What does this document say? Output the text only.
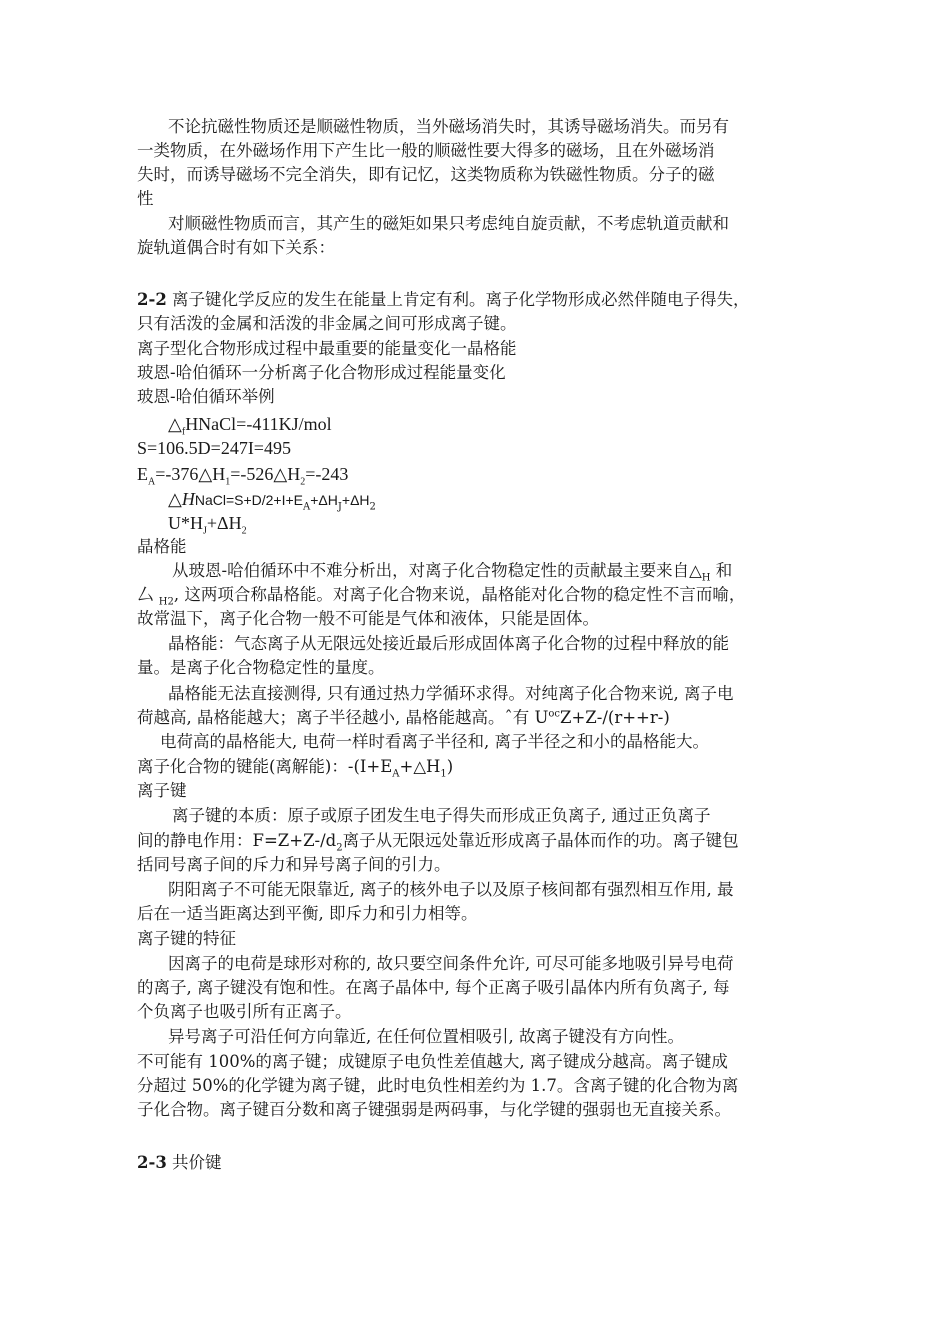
不论抗磁性物质还是顺磁性物质，当外磁场消失时，其诱导磁场消失。而另有

一类物质，在外磁场作用下产生比一般的顺磁性要大得多的磁场，且在外磁场消

失时，而诱导磁场不完全消失，即有记忆，这类物质称为铁磁性物质。分子的磁

性

对顺磁性物质而言，其产生的磁矩如果只考虑纯自旋贡献，不考虑轨道贡献和

旋轨道偶合时有如下关系：

2-2 离子键化学反应的发生在能量上肯定有利。离子化学物形成必然伴随电子得失，

只有活泼的金属和活泼的非金属之间可形成离子键。

离子型化合物形成过程中最重要的能量变化一晶格能

玻恩-哈伯循环一分析离子化合物形成过程能量变化

玻恩-哈伯循环举例

$\triangle_fHNaCl=-411KJ$/mol

S=106.5D=247I=495

$E_A=-376\triangle H_1=-526\triangle H_2=-243$

$\triangle HNaCl=S+D/2+I+E_A+\Delta H_J+\Delta H_2$

$U*H_J+\Delta H_2$

晶格能

从玻恩-哈伯循环中不难分析出，对离子化合物稳定性的贡献最主要来自$\triangle_H$ 和

厶 $_{H2}$, 这两项合称晶格能。对离子化合物来说，晶格能对化合物的稳定性不言而喻，

故常温下，离子化合物一般不可能是气体和液体，只能是固体。

晶格能：气态离子从无限远处接近最后形成固体离子化合物的过程中释放的能

量。是离子化合物稳定性的量度。

晶格能无法直接测得, 只有通过热力学循环求得。对纯离子化合物来说, 离子电

荷越高, 晶格能越大；离子半径越小, 晶格能越高。ˆ有 $U^{oc}Z+Z-/(r++r-)$

电荷高的晶格能大, 电荷一样时看离子半径和, 离子半径之和小的晶格能大。

离子化合物的键能(离解能)：$-(I+E_A+\triangle H_1)$

离子键

离子键的本质：原子或原子团发生电子得失而形成正负离子, 通过正负离子

间的静电作用：$F=Z+Z-/d_2$离子从无限远处靠近形成离子晶体而作的功。离子键包

括同号离子间的斥力和异号离子间的引力。

阴阳离子不可能无限靠近, 离子的核外电子以及原子核间都有强烈相互作用, 最

后在一适当距离达到平衡, 即斥力和引力相等。

离子键的特征

因离子的电荷是球形对称的, 故只要空间条件允许, 可尽可能多地吸引异号电荷

的离子, 离子键没有饱和性。在离子晶体中, 每个正离子吸引晶体内所有负离子, 每

个负离子也吸引所有正离子。

异号离子可沿任何方向靠近, 在任何位置相吸引, 故离子键没有方向性。

不可能有 100%的离子键；成键原子电负性差值越大, 离子键成分越高。离子键成

分超过 50%的化学键为离子键，此时电负性相差约为 1.7。含离子键的化合物为离

子化合物。离子键百分数和离子键强弱是两码事，与化学键的强弱也无直接关系。

2-3 共价键
